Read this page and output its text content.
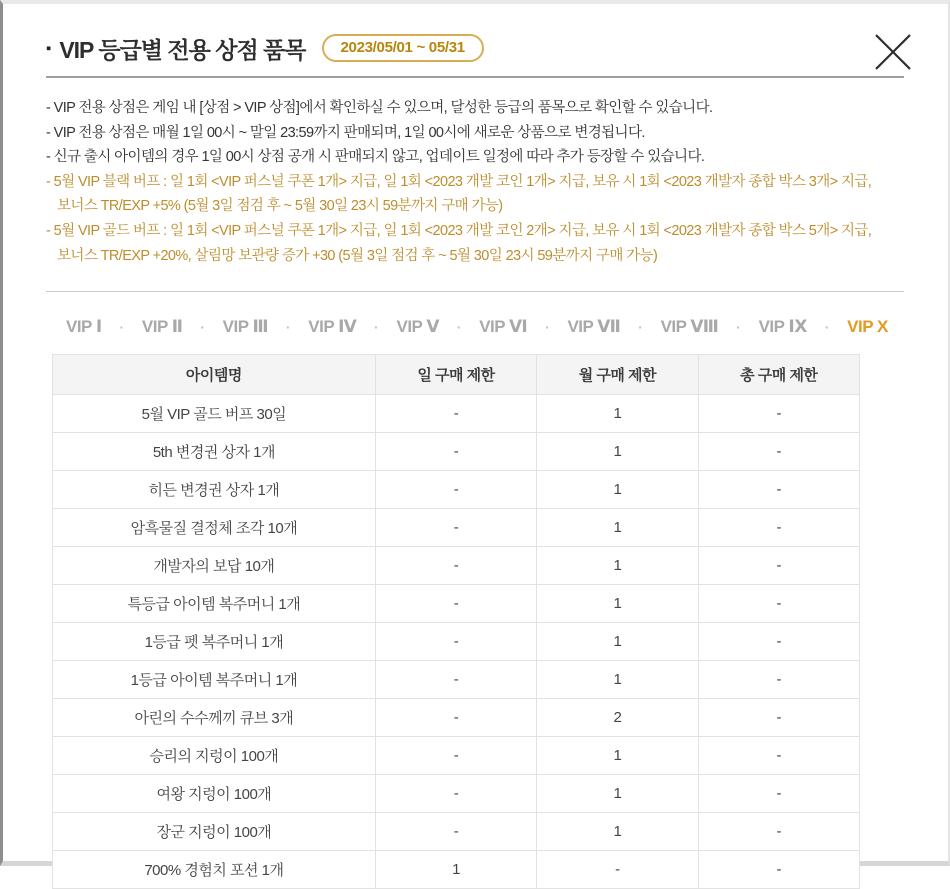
▪ VIP 등급별 전용 상점 품목	2023/05/01 ~ 05/31
- VIP 전용 상점은 게임 내 [상점 > VIP 상점]에서 확인하실 수 있으며, 달성한 등급의 품목으로 확인할 수 있습니다.
- VIP 전용 상점은 매월 1일 00시 ~ 말일 23:59까지 판매되며, 1일 00시에 새로운 상품으로 변경됩니다.
- 신규 출시 아이템의 경우 1일 00시 상점 공개 시 판매되지 않고, 업데이트 일정에 따라 추가 등장할 수 있습니다.
- 5월 VIP 블랙 버프 : 일 1회 <VIP 퍼스널 쿠폰 1개> 지급, 일 1회 <2023 개발 코인 1개> 지급, 보유 시 1회 <2023 개발자 종합 박스 3개> 지급,
보너스 TR/EXP +5% (5월 3일 점검 후 ~ 5월 30일 23시 59분까지 구매 가능)
- 5월 VIP 골드 버프 : 일 1회 <VIP 퍼스널 쿠폰 1개> 지급, 일 1회 <2023 개발 코인 2개> 지급, 보유 시 1회 <2023 개발자 종합 박스 5개> 지급,
보너스 TR/EXP +20%, 살림망 보관량 증가 +30 (5월 3일 점검 후 ~ 5월 30일 23시 59분까지 구매 가능)
VIP Ⅰ · VIP Ⅱ · VIP Ⅲ · VIP Ⅳ · VIP Ⅴ · VIP Ⅵ · VIP Ⅶ · VIP Ⅷ · VIP Ⅸ · VIP X
아이템명	일 구매 제한	월 구매 제한	총 구매 제한
5월 VIP 골드 버프 30일	-	1	-
5th 변경권 상자 1개	-	1	-
히든 변경권 상자 1개	-	1	-
암흑물질 결정체 조각 10개	-	1	-
개발자의 보답 10개	-	1	-
특등급 아이템 복주머니 1개	-	1	-
1등급 펫 복주머니 1개	-	1	-
1등급 아이템 복주머니 1개	-	1	-
아린의 수수께끼 큐브 3개	-	2	-
승리의 지렁이 100개	-	1	-
여왕 지렁이 100개	-	1	-
장군 지렁이 100개	-	1	-
700% 경험치 포션 1개	1	-	-
